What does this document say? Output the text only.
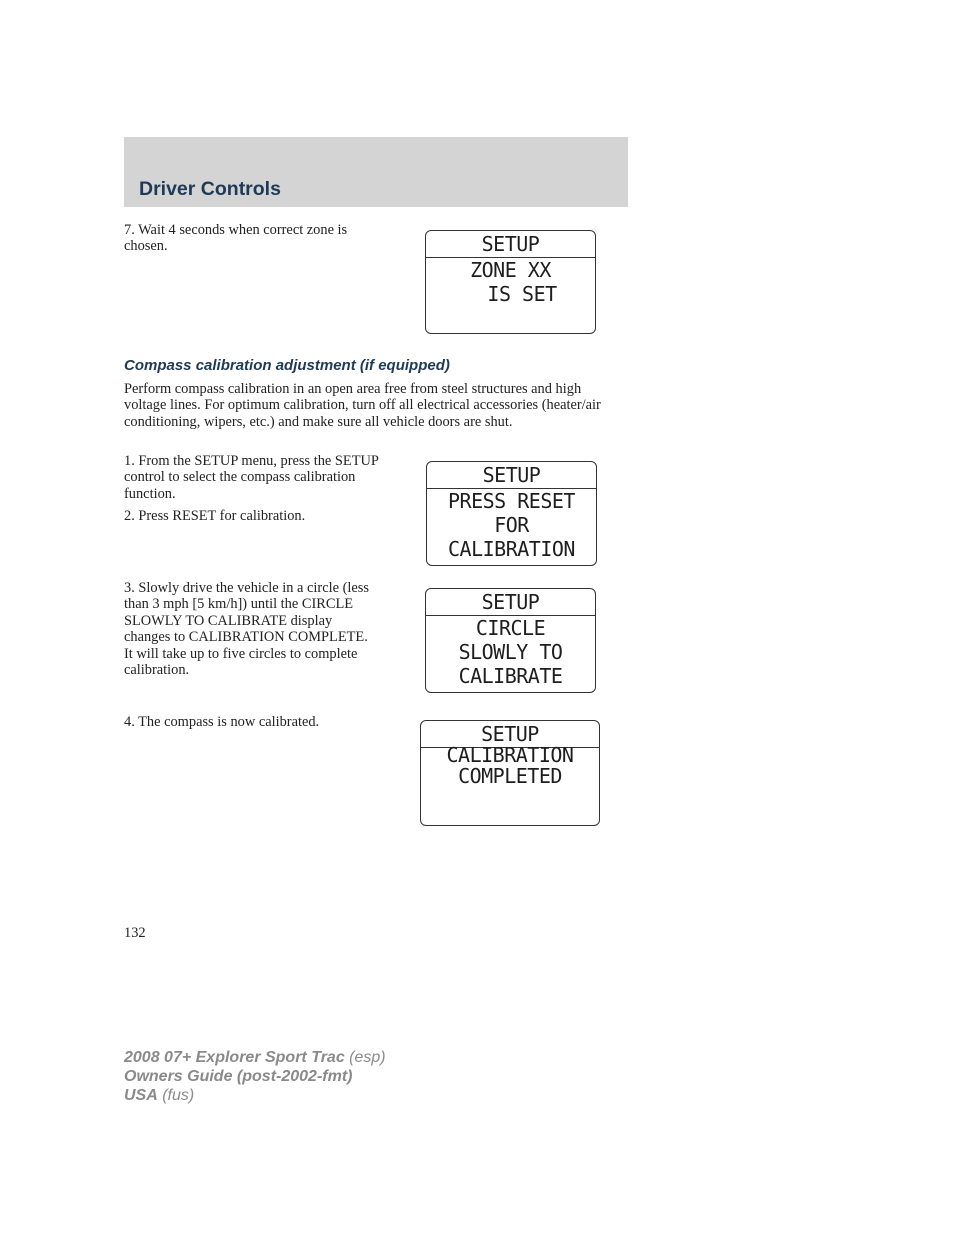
Driver Controls
7. Wait 4 seconds when correct zone is chosen.	SETUP
ZONE XX
IS SET
Compass calibration adjustment (if equipped)
Perform compass calibration in an open area free from steel structures and high voltage lines. For optimum calibration, turn off all electrical accessories (heater/air conditioning, wipers, etc.) and make sure all vehicle doors are shut.
1. From the SETUP menu, press the SETUP control to select the compass calibration function.
2. Press RESET for calibration.
SETUP
PRESS RESET
FOR
CALIBRATION
3. Slowly drive the vehicle in a circle (less than 3 mph [5 km/h]) until the CIRCLE SLOWLY TO CALIBRATE display changes to CALIBRATION COMPLETE. It will take up to five circles to complete calibration.
SETUP
CIRCLE
SLOWLY TO
CALIBRATE
4. The compass is now calibrated.	SETUP
CALIBRATION
COMPLETED
132
2008 07+ Explorer Sport Trac (esp)
Owners Guide (post-2002-fmt)
USA (fus)
